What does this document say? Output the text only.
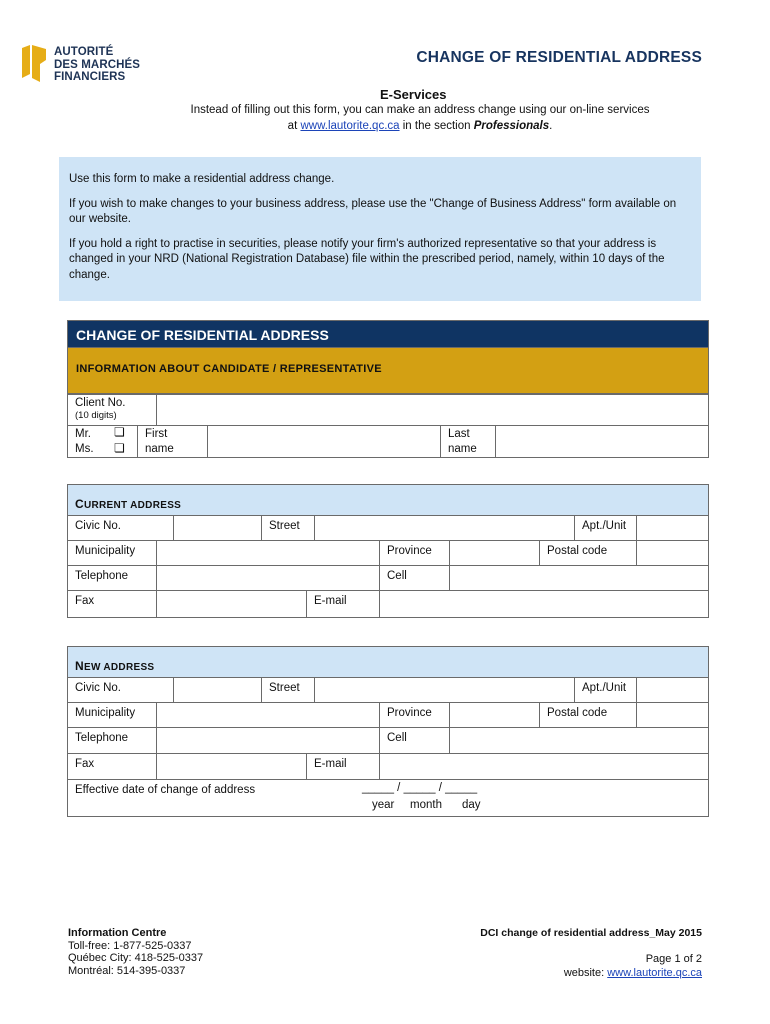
AUTORITÉ
DES MARCHÉS
FINANCIERS
CHANGE OF RESIDENTIAL ADDRESS
E-Services
Instead of filling out this form, you can make an address change using our on-line services
at www.lautorite.qc.ca in the section Professionals.

Use this form to make a residential address change.

If you wish to make changes to your business address, please use the "Change of Business Address" form available on our website.

If you hold a right to practise in securities, please notify your firm's authorized representative so that your address is changed in your NRD (National Registration Database) file within the prescribed period, namely, within 10 days of the change.

CHANGE OF RESIDENTIAL ADDRESS
INFORMATION ABOUT CANDIDATE / REPRESENTATIVE
Client No.
(10 digits)
Mr.
Ms.
❏
❏
First name
Last name
CURRENT ADDRESS
Civic No.	Street	Apt./Unit
Municipality	Province	Postal code
Telephone	Cell
Fax	E-mail
NEW ADDRESS
Civic No.	Street	Apt./Unit
Municipality	Province	Postal code
Telephone	Cell
Fax	E-mail
Effective date of change of address	_____ / _____ / _____
year month day
Information Centre
Toll-free: 1-877-525-0337
Québec City: 418-525-0337
Montréal: 514-395-0337
DCI change of residential address_May 2015
Page 1 of 2
website: www.lautorite.qc.ca
